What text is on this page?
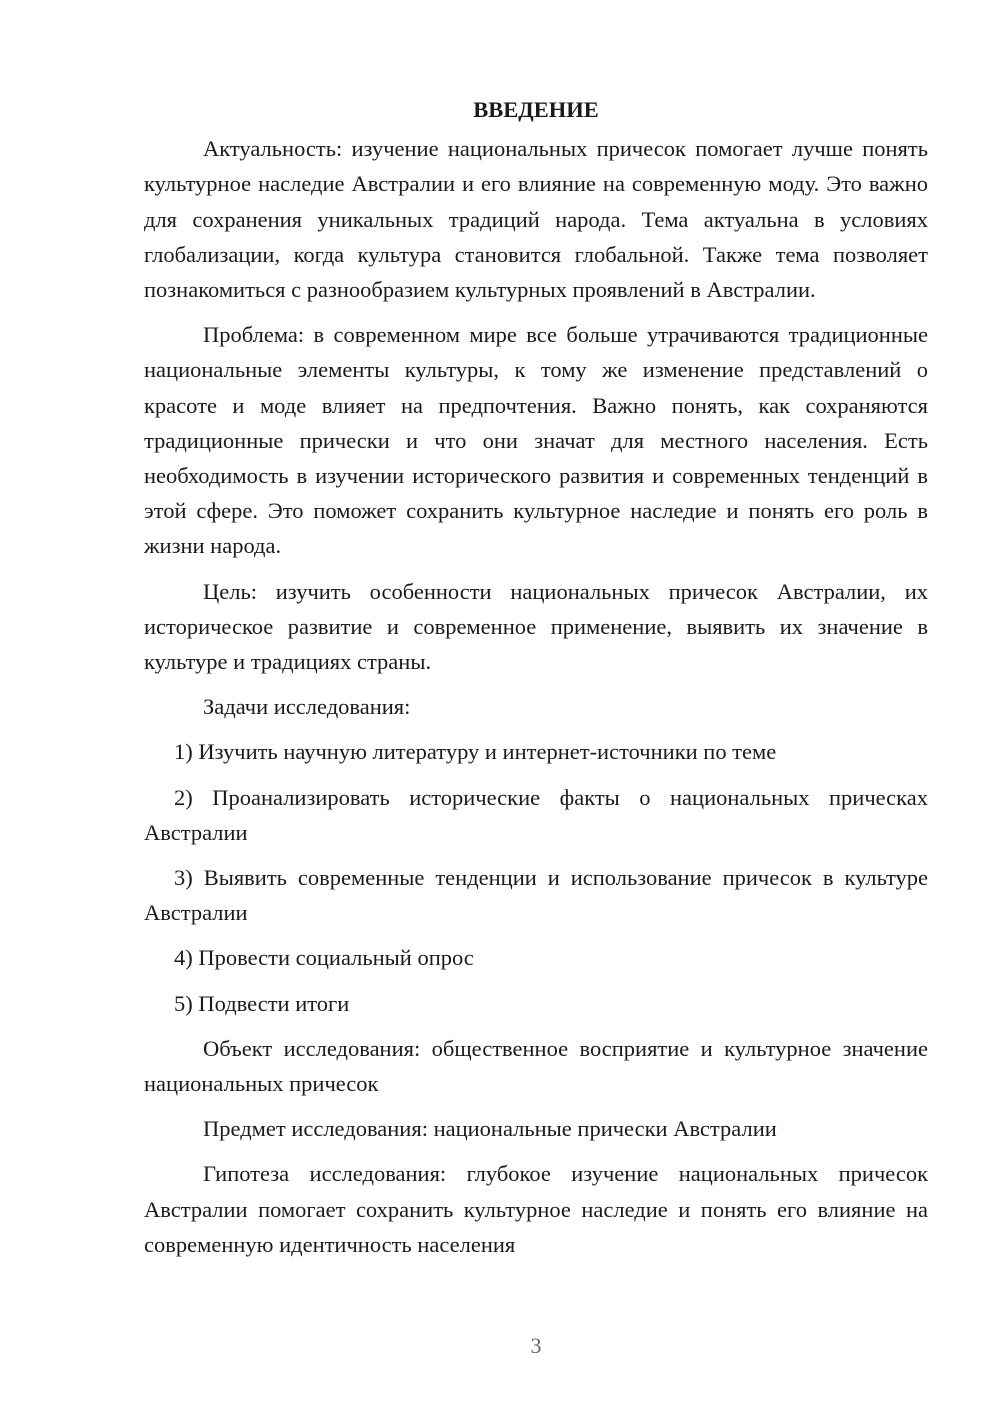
ВВЕДЕНИЕ

Актуальность: изучение национальных причесок помогает лучше понять культурное наследие Австралии и его влияние на современную моду. Это важно для сохранения уникальных традиций народа. Тема актуальна в условиях глобализации, когда культура становится глобальной. Также тема позволяет познакомиться с разнообразием культурных проявлений в Австралии.

Проблема: в современном мире все больше утрачиваются традиционные национальные элементы культуры, к тому же изменение представлений о красоте и моде влияет на предпочтения. Важно понять, как сохраняются традиционные прически и что они значат для местного населения. Есть необходимость в изучении исторического развития и современных тенденций в этой сфере. Это поможет сохранить культурное наследие и понять его роль в жизни народа.

Цель: изучить особенности национальных причесок Австралии, их историческое развитие и современное применение, выявить их значение в культуре и традициях страны.

Задачи исследования:

1) Изучить научную литературу и интернет-источники по теме

2) Проанализировать исторические факты о национальных прическах Австралии

3) Выявить современные тенденции и использование причесок в культуре Австралии

4) Провести социальный опрос

5) Подвести итоги

Объект исследования: общественное восприятие и культурное значение национальных причесок

Предмет исследования: национальные прически Австралии

Гипотеза исследования: глубокое изучение национальных причесок Австралии помогает сохранить культурное наследие и понять его влияние на современную идентичность населения

3
